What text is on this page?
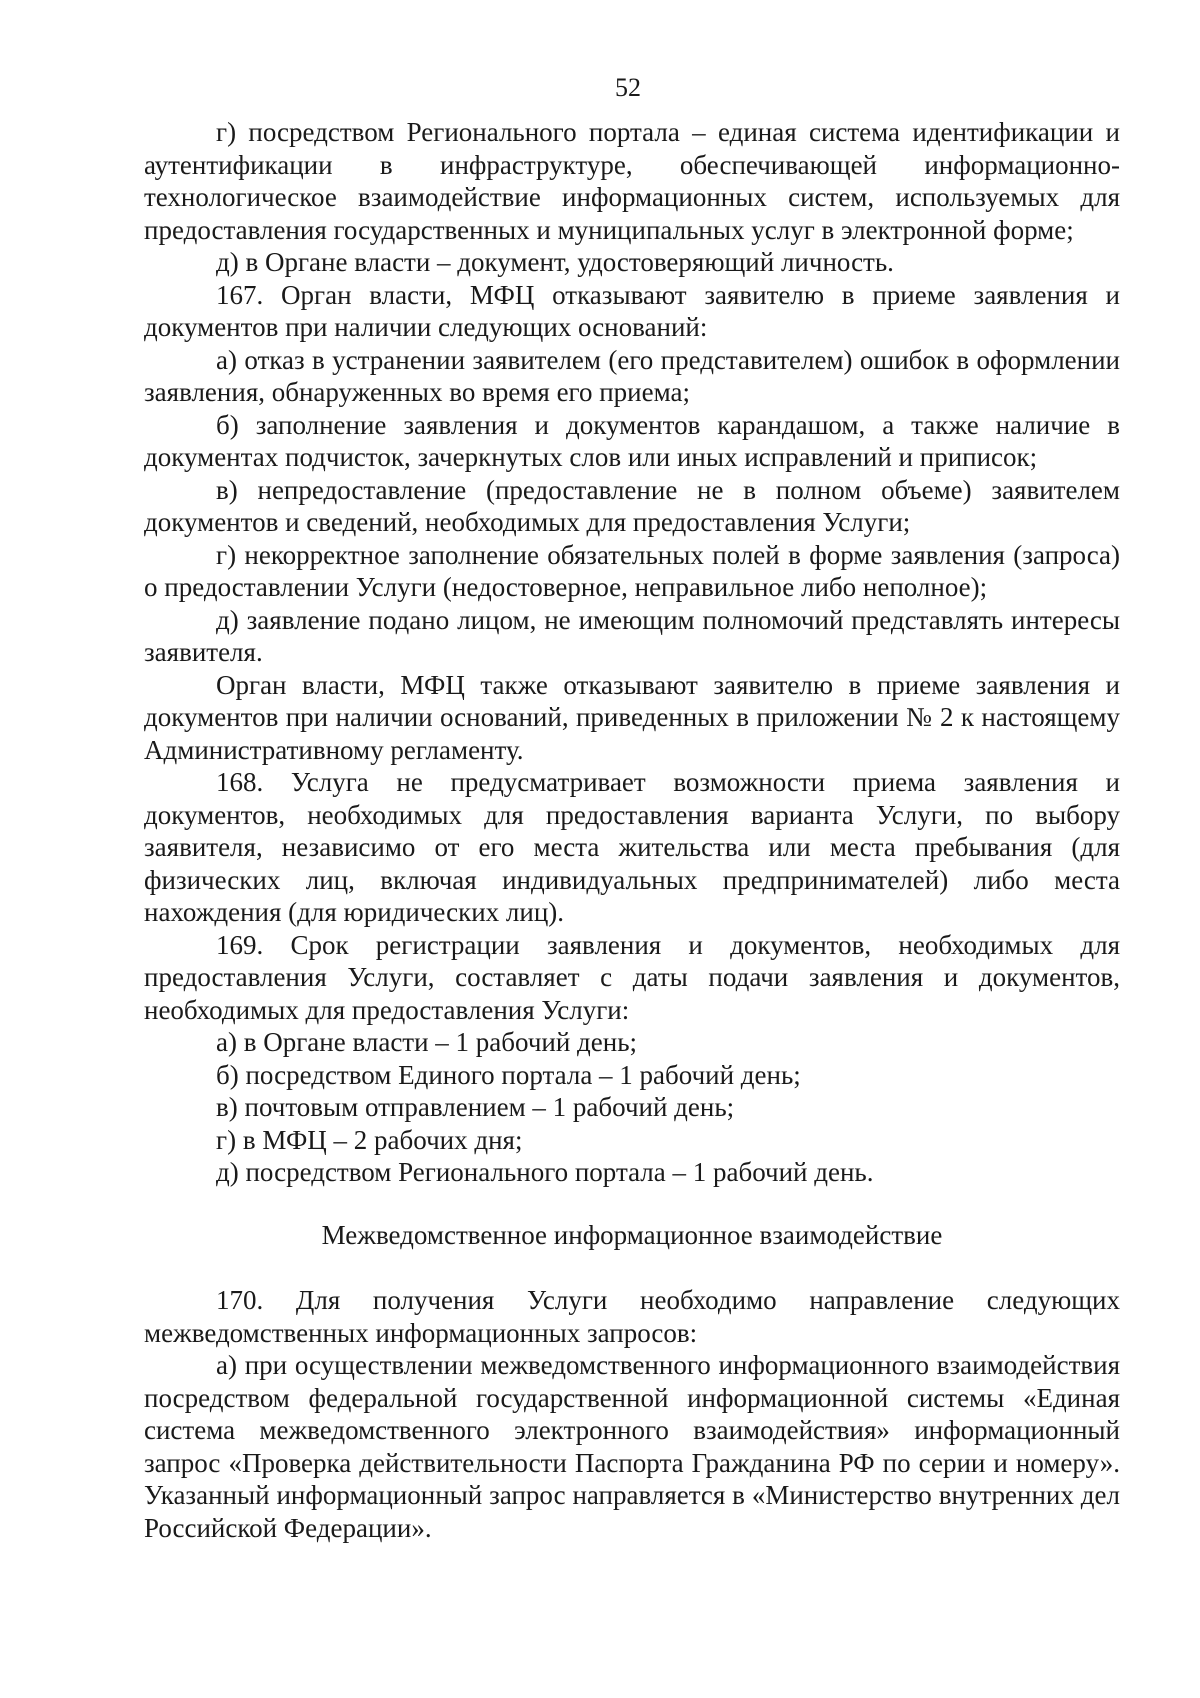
52

г) посредством Регионального портала – единая система идентификации и аутентификации в инфраструктуре, обеспечивающей информационно-технологическое взаимодействие информационных систем, используемых для предоставления государственных и муниципальных услуг в электронной форме;

д) в Органе власти – документ, удостоверяющий личность.

167. Орган власти, МФЦ отказывают заявителю в приеме заявления и документов при наличии следующих оснований:

а) отказ в устранении заявителем (его представителем) ошибок в оформлении заявления, обнаруженных во время его приема;

б) заполнение заявления и документов карандашом, а также наличие в документах подчисток, зачеркнутых слов или иных исправлений и приписок;

в) непредоставление (предоставление не в полном объеме) заявителем документов и сведений, необходимых для предоставления Услуги;

г) некорректное заполнение обязательных полей в форме заявления (запроса) о предоставлении Услуги (недостоверное, неправильное либо неполное);

д) заявление подано лицом, не имеющим полномочий представлять интересы заявителя.

Орган власти, МФЦ также отказывают заявителю в приеме заявления и документов при наличии оснований, приведенных в приложении № 2 к настоящему Административному регламенту.

168. Услуга не предусматривает возможности приема заявления и документов, необходимых для предоставления варианта Услуги, по выбору заявителя, независимо от его места жительства или места пребывания (для физических лиц, включая индивидуальных предпринимателей) либо места нахождения (для юридических лиц).

169. Срок регистрации заявления и документов, необходимых для предоставления Услуги, составляет с даты подачи заявления и документов, необходимых для предоставления Услуги:

а) в Органе власти – 1 рабочий день;

б) посредством Единого портала – 1 рабочий день;

в) почтовым отправлением – 1 рабочий день;

г) в МФЦ – 2 рабочих дня;

д) посредством Регионального портала – 1 рабочий день.

Межведомственное информационное взаимодействие

170. Для получения Услуги необходимо направление следующих межведомственных информационных запросов:

а) при осуществлении межведомственного информационного взаимодействия посредством федеральной государственной информационной системы «Единая система межведомственного электронного взаимодействия» информационный запрос «Проверка действительности Паспорта Гражданина РФ по серии и номеру». Указанный информационный запрос направляется в «Министерство внутренних дел Российской Федерации».
